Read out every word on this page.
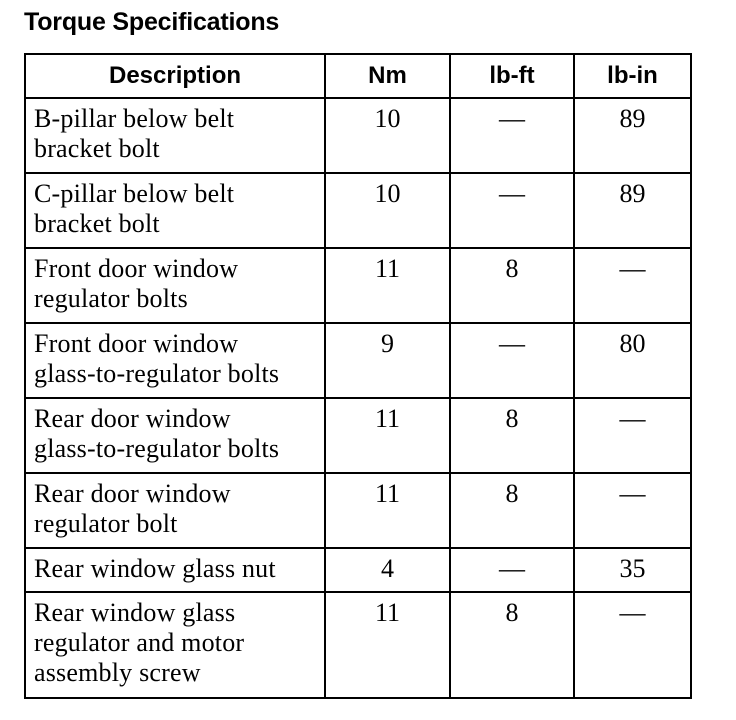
Torque Specifications
Description	Nm	lb-ft	lb-in

B-pillar below belt
bracket bolt	10	—	89

C-pillar below belt
bracket bolt	10	—	89

Front door window
regulator bolts	11	8	—

Front door window
glass-to-regulator bolts	9	—	80

Rear door window
glass-to-regulator bolts	11	8	—

Rear door window
regulator bolt	11	8	—

Rear window glass nut	4	—	35

Rear window glass
regulator and motor
assembly screw	11	8	—
